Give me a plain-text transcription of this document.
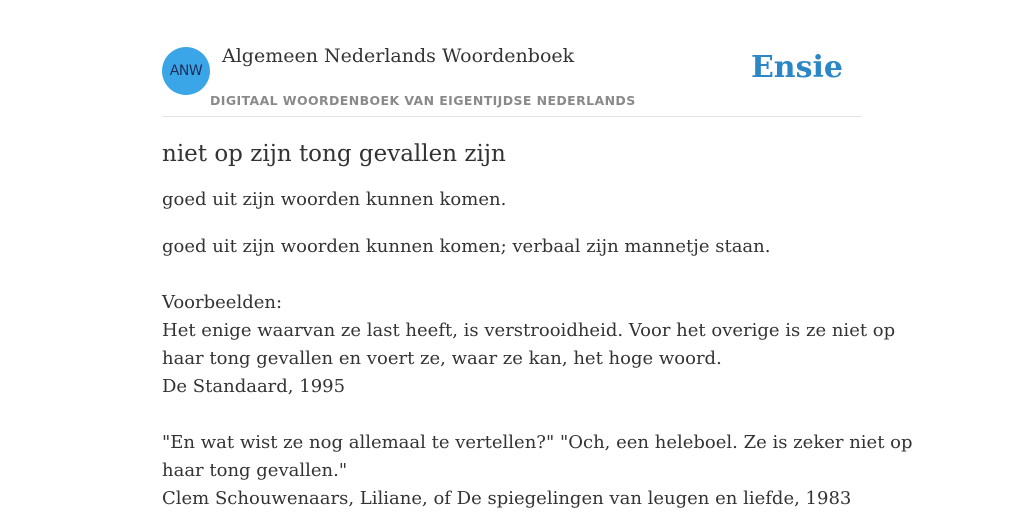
ANW
Algemeen Nederlands Woordenboek
DIGITAAL WOORDENBOEK VAN EIGENTIJDSE NEDERLANDS
Ensie
niet op zijn tong gevallen zijn

goed uit zijn woorden kunnen komen.

goed uit zijn woorden kunnen komen; verbaal zijn mannetje staan.
Voorbeelden:
Het enige waarvan ze last heeft, is verstrooidheid. Voor het overige is ze niet op
haar tong gevallen en voert ze, waar ze kan, het hoge woord.
De Standaard, 1995
"En wat wist ze nog allemaal te vertellen?" "Och, een heleboel. Ze is zeker niet op
haar tong gevallen."
Clem Schouwenaars, Liliane, of De spiegelingen van leugen en liefde, 1983
